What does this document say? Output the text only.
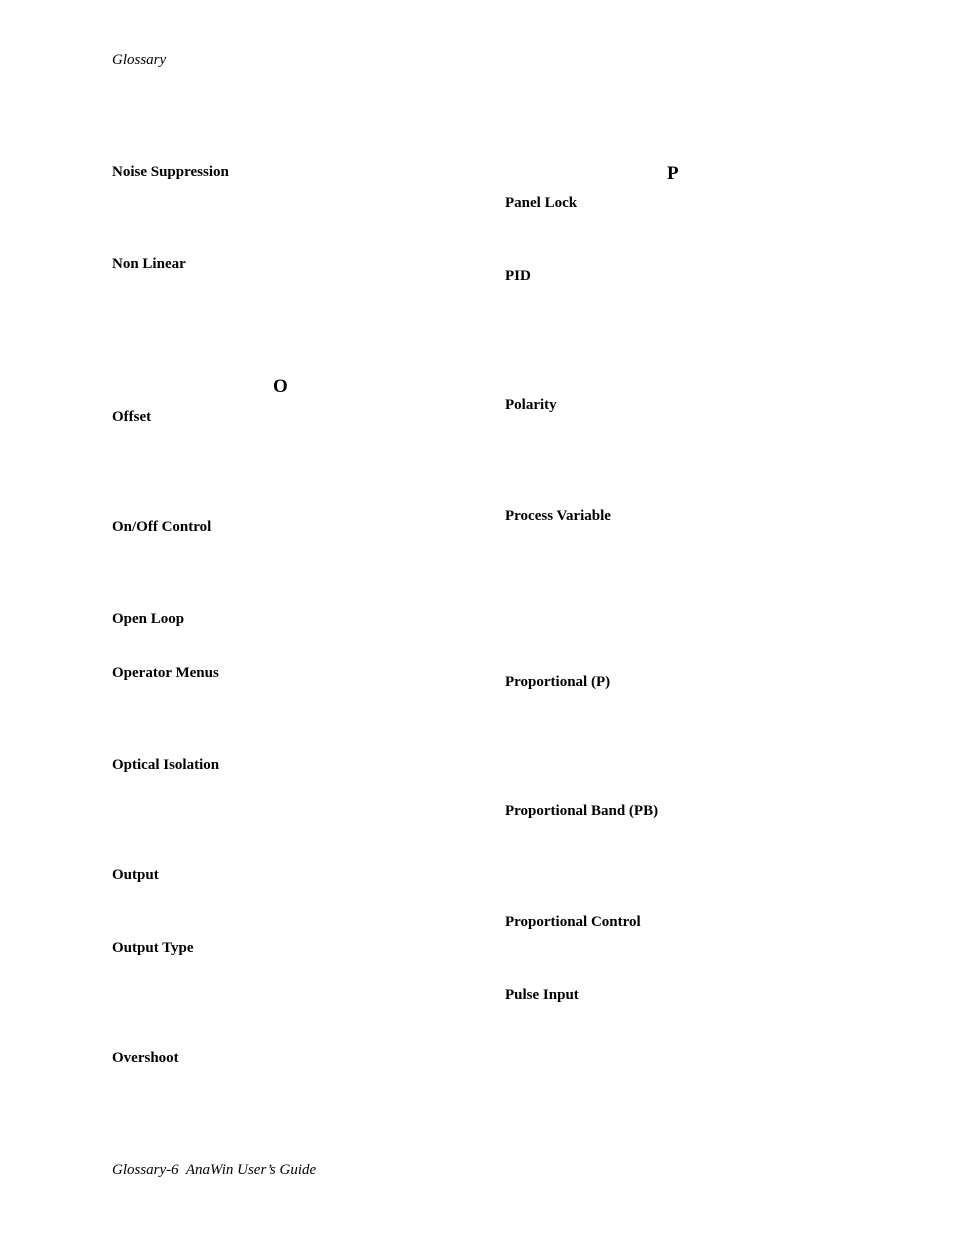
Glossary
Noise Suppression
Non Linear
O
Offset
On/Off Control
Open Loop
Operator Menus
Optical Isolation
Output
Output Type
Overshoot
P
Panel Lock
PID
Polarity
Process Variable
Proportional (P)
Proportional Band (PB)
Proportional Control
Pulse Input
Glossary-6  AnaWin User’s Guide
